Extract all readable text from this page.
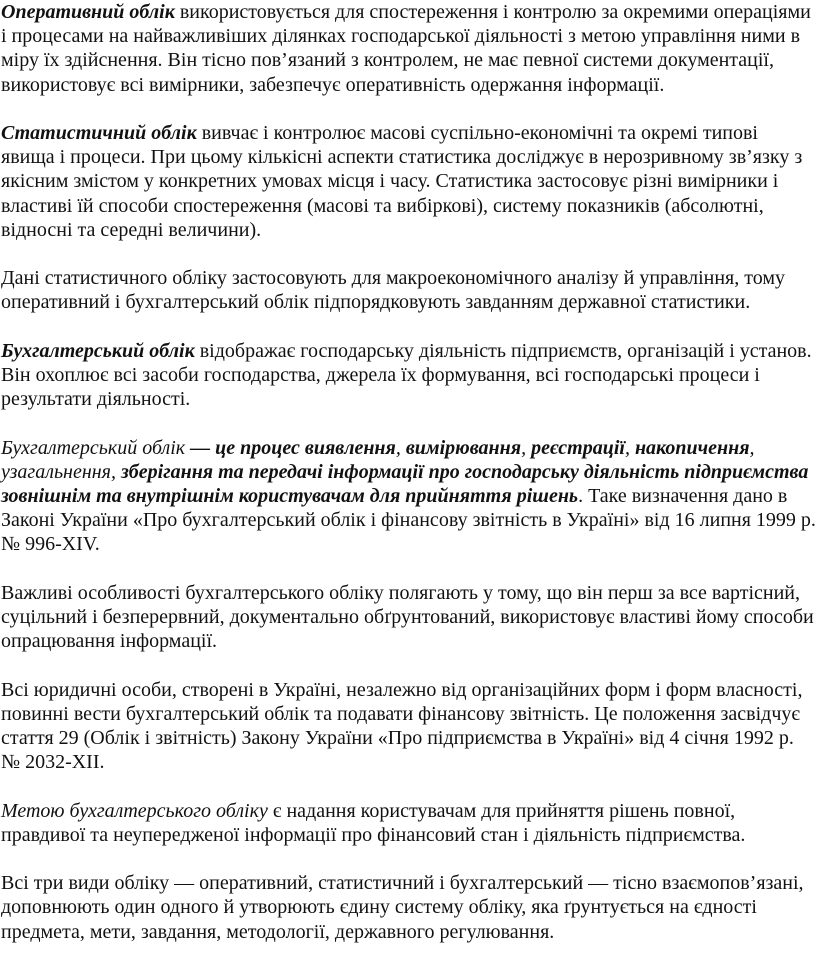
Оперативний облік використовується для спостереження і контролю за окремими операціями і процесами на найважливіших ділянках господарської діяльності з метою управління ними в міру їх здійснення. Він тісно пов’язаний з контролем, не має певної системи документації, використовує всі вимірники, забезпечує оперативність одержання інформації.

Статистичний облік вивчає і контролює масові суспільно-економічні та окремі типові явища і процеси. При цьому кількісні аспекти статистика досліджує в нерозривному зв’язку з якісним змістом у конкретних умовах місця і часу. Статистика застосовує різні вимірники і властиві їй способи спостереження (масові та вибіркові), систему показників (абсолютні, відносні та середні величини).

Дані статистичного обліку застосовують для макроекономічного аналізу й управління, тому оперативний і бухгалтерський облік підпорядковують завданням державної статистики.

Бухгалтерський облік відображає господарську діяльність підприємств, організацій і установ. Він охоплює всі засоби господарства, джерела їх формування, всі господарські процеси і результати діяльності.

Бухгалтерський облік — це процес виявлення, вимірювання, реєстрації, накопичення, узагальнення, зберігання та передачі інформації про господарську діяльність підприємства зовнішнім та внутрішнім користувачам для прийняття рішень. Таке визначення дано в Законі України «Про бухгалтерський облік і фінансову звітність в Україні» від 16 липня 1999 р. № 996-XIV.

Важливі особливості бухгалтерського обліку полягають у тому, що він перш за все вартісний, суцільний і безперервний, документально обґрунтований, використовує властиві йому способи опрацювання інформації.

Всі юридичні особи, створені в Україні, незалежно від організаційних форм і форм власності, повинні вести бухгалтерський облік та подавати фінансову звітність. Це положення засвідчує стаття 29 (Облік і звітність) Закону України «Про підприємства в Україні» від 4 січня 1992 р. № 2032-XII.

Метою бухгалтерського обліку є надання користувачам для прийняття рішень повної, правдивої та неупередженої інформації про фінансовий стан і діяльність підприємства.

Всі три види обліку — оперативний, статистичний і бухгалтерський — тісно взаємопов’язані, доповнюють один одного й утворюють єдину систему обліку, яка ґрунтується на єдності предмета, мети, завдання, методології, державного регулювання.
